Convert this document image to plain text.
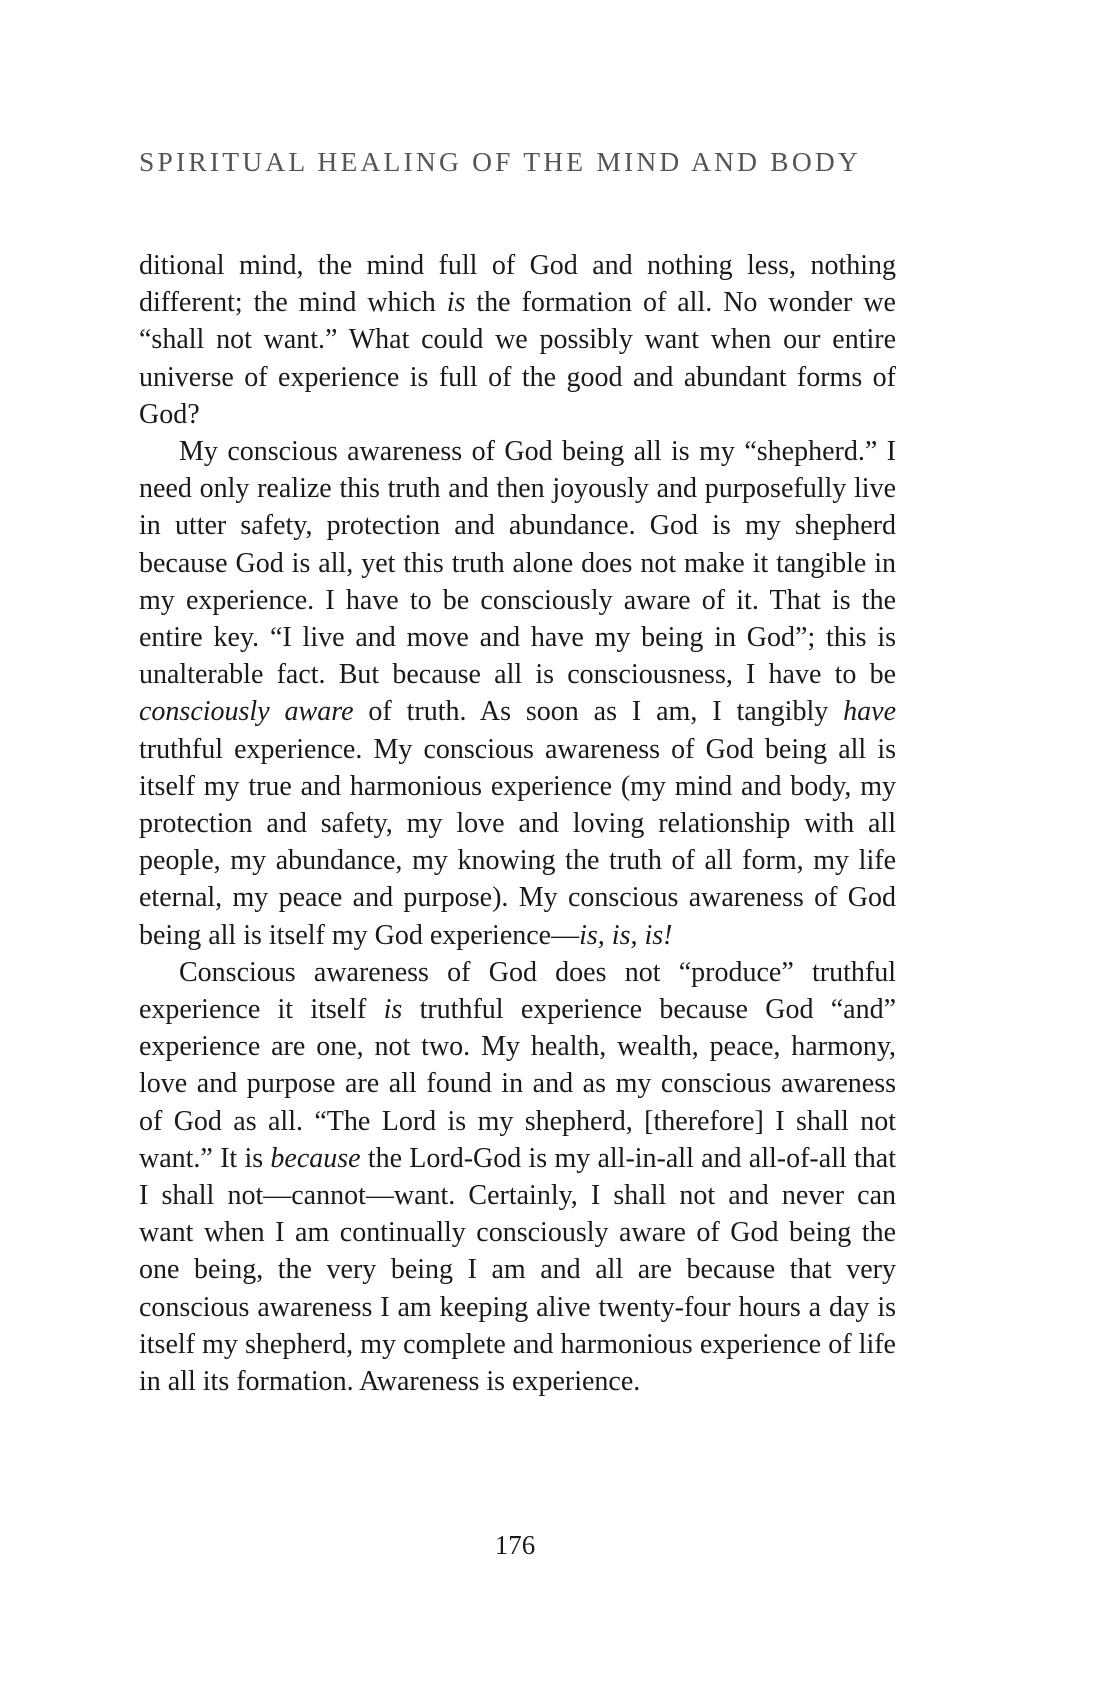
SPIRITUAL HEALING OF THE MIND AND BODY

ditional mind, the mind full of God and nothing less, nothing different; the mind which is the formation of all. No wonder we “shall not want.” What could we possibly want when our entire universe of experience is full of the good and abundant forms of God?

My conscious awareness of God being all is my “shepherd.” I need only realize this truth and then joyously and purposefully live in utter safety, protection and abundance. God is my shepherd because God is all, yet this truth alone does not make it tangible in my experience. I have to be consciously aware of it. That is the entire key. “I live and move and have my being in God”; this is unalterable fact. But because all is consciousness, I have to be consciously aware of truth. As soon as I am, I tangibly have truthful experience. My conscious awareness of God being all is itself my true and harmonious experience (my mind and body, my protection and safety, my love and loving relationship with all people, my abundance, my knowing the truth of all form, my life eternal, my peace and purpose). My conscious awareness of God being all is itself my God experience—is, is, is!

Conscious awareness of God does not “produce” truthful experience it itself is truthful experience because God “and” experience are one, not two. My health, wealth, peace, harmony, love and purpose are all found in and as my conscious awareness of God as all. “The Lord is my shepherd, [therefore] I shall not want.” It is because the Lord-God is my all-in-all and all-of-all that I shall not—cannot—want. Certainly, I shall not and never can want when I am continually consciously aware of God being the one being, the very being I am and all are because that very conscious awareness I am keeping alive twenty-four hours a day is itself my shepherd, my complete and harmonious experience of life in all its formation. Awareness is experience.

176
